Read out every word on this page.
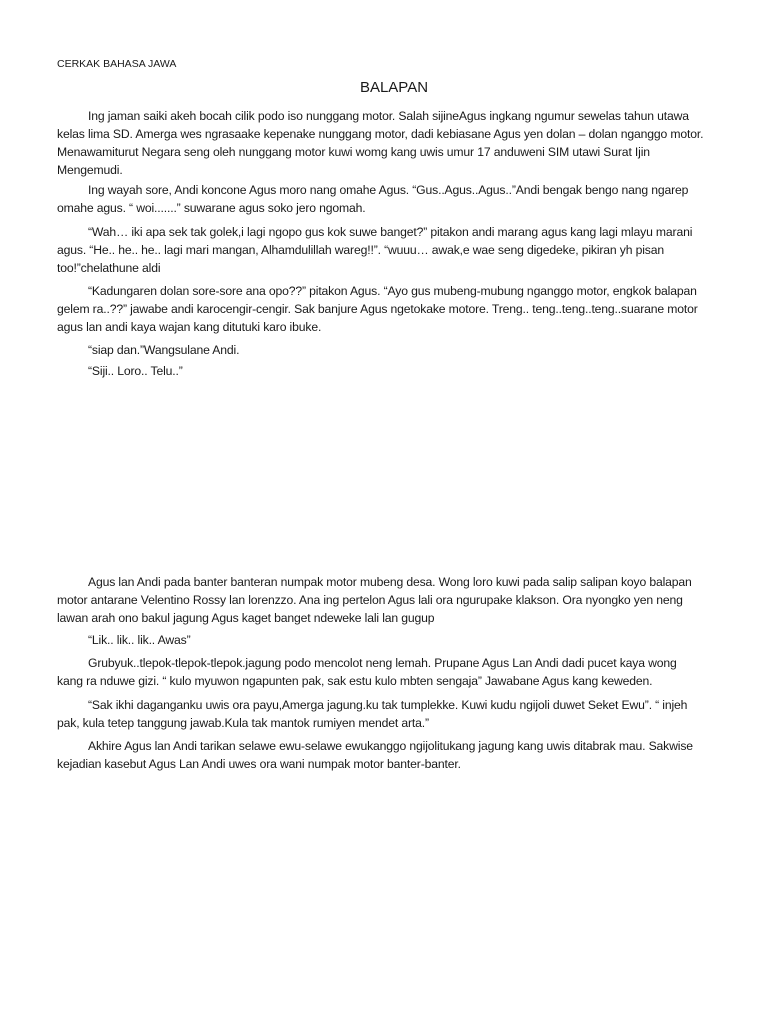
CERKAK BAHASA JAWA
BALAPAN
Ing jaman saiki akeh bocah cilik podo iso nunggang motor. Salah sijineAgus ingkang ngumur sewelas tahun utawa
kelas lima SD. Amerga wes ngrasaake kepenake nunggang motor, dadi kebiasane Agus yen dolan – dolan nganggo motor.
Menawamiturut Negara seng oleh nunggang motor kuwi womg kang uwis umur 17 anduweni SIM utawi Surat Ijin
Mengemudi.
Ing wayah sore, Andi koncone Agus moro nang omahe Agus. “Gus..Agus..Agus..”Andi bengak bengo nang ngarep
omahe agus. “ woi.......” suwarane agus soko jero ngomah.
“Wah… iki apa sek tak golek,i lagi ngopo gus kok suwe banget?” pitakon andi marang agus kang lagi mlayu marani
agus. “He.. he.. he.. lagi mari mangan, Alhamdulillah wareg!!”. “wuuu… awak,e wae seng digedeke, pikiran yh pisan
too!”chelathune aldi
“Kadungaren dolan sore-sore ana opo??” pitakon Agus. “Ayo gus mubeng-mubung nganggo motor, engkok balapan
gelem ra..??” jawabe andi karocengir-cengir. Sak banjure Agus ngetokake motore. Treng.. teng..teng..teng..suarane motor
agus lan andi kaya wajan kang ditutuki karo ibuke.
“siap dan.”Wangsulane Andi.
“Siji.. Loro.. Telu..”
Agus lan Andi pada banter banteran numpak motor mubeng desa. Wong loro kuwi pada salip salipan koyo balapan
motor antarane Velentino Rossy lan lorenzzo. Ana ing pertelon Agus lali ora ngurupake klakson. Ora nyongko yen neng
lawan arah ono bakul jagung Agus kaget banget ndeweke lali lan gugup
“Lik.. lik.. lik.. Awas”
Grubyuk..tlepok-tlepok-tlepok.jagung podo mencolot neng lemah. Prupane Agus Lan Andi dadi pucet kaya wong
kang ra nduwe gizi. “ kulo myuwon ngapunten pak, sak estu kulo mbten sengaja” Jawabane Agus kang keweden.
“Sak ikhi daganganku uwis ora payu,Amerga jagung.ku tak tumplekke. Kuwi kudu ngijoli duwet Seket Ewu”. “ injeh
pak, kula tetep tanggung jawab.Kula tak mantok rumiyen mendet arta.”
Akhire Agus lan Andi tarikan selawe ewu-selawe ewukanggo ngijolitukang jagung kang uwis ditabrak mau. Sakwise
kejadian kasebut Agus Lan Andi uwes ora wani numpak motor banter-banter.
